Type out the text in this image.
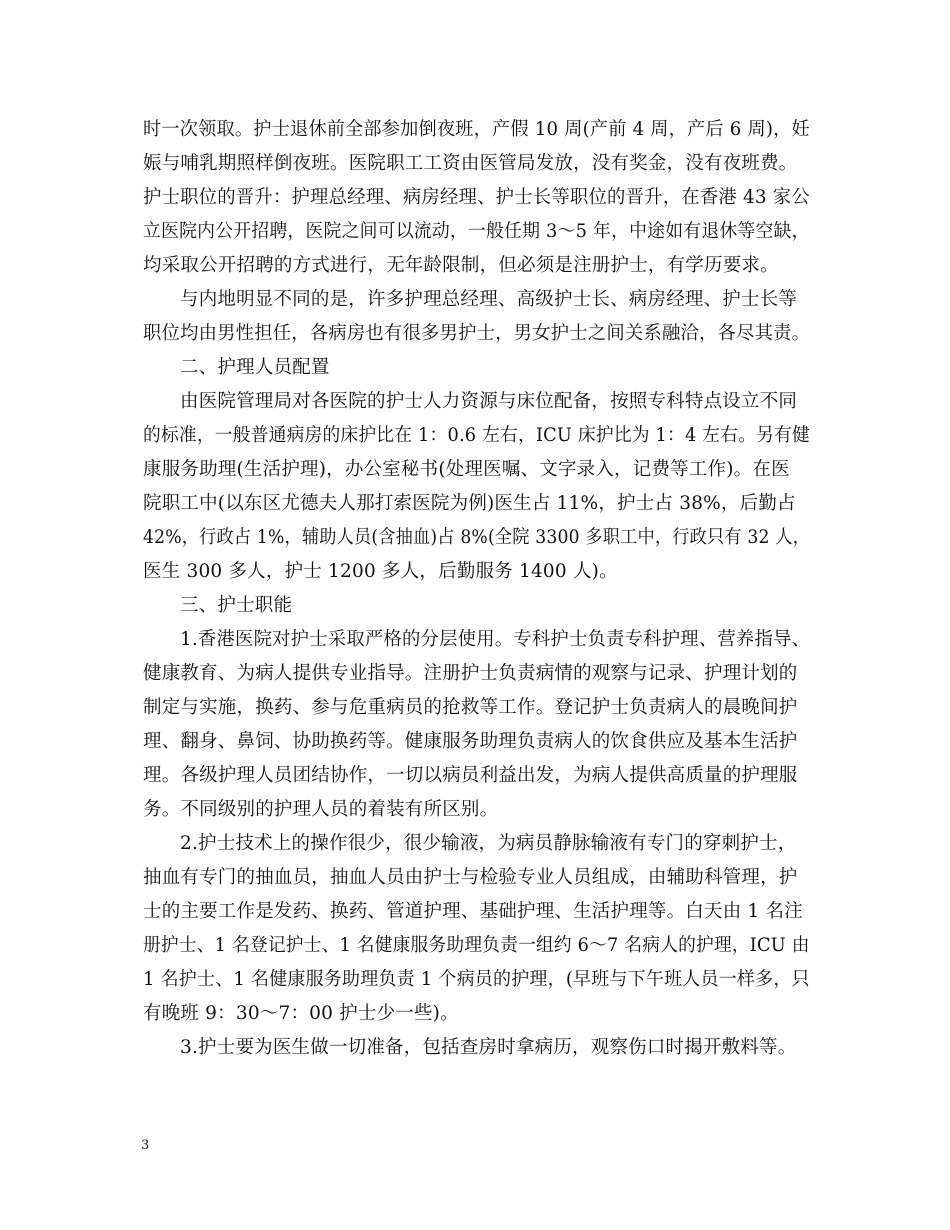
时一次领取。护士退休前全部参加倒夜班，产假 10 周(产前 4 周，产后 6 周)，妊
娠与哺乳期照样倒夜班。医院职工工资由医管局发放，没有奖金，没有夜班费。
护士职位的晋升：护理总经理、病房经理、护士长等职位的晋升，在香港 43 家公
立医院内公开招聘，医院之间可以流动，一般任期 3～5 年，中途如有退休等空缺，
均采取公开招聘的方式进行，无年龄限制，但必须是注册护士，有学历要求。
与内地明显不同的是，许多护理总经理、高级护士长、病房经理、护士长等
职位均由男性担任，各病房也有很多男护士，男女护士之间关系融洽，各尽其责。
二、护理人员配置
由医院管理局对各医院的护士人力资源与床位配备，按照专科特点设立不同
的标准，一般普通病房的床护比在 1：0.6 左右，ICU 床护比为 1：4 左右。另有健
康服务助理(生活护理)，办公室秘书(处理医嘱、文字录入，记费等工作)。在医
院职工中(以东区尤德夫人那打索医院为例)医生占 11%，护士占 38%，后勤占
42%，行政占 1%，辅助人员(含抽血)占 8%(全院 3300 多职工中，行政只有 32 人，
医生 300 多人，护士 1200 多人，后勤服务 1400 人)。
三、护士职能
1.香港医院对护士采取严格的分层使用。专科护士负责专科护理、营养指导、
健康教育、为病人提供专业指导。注册护士负责病情的观察与记录、护理计划的
制定与实施，换药、参与危重病员的抢救等工作。登记护士负责病人的晨晚间护
理、翻身、鼻饲、协助换药等。健康服务助理负责病人的饮食供应及基本生活护
理。各级护理人员团结协作，一切以病员利益出发，为病人提供高质量的护理服
务。不同级别的护理人员的着装有所区别。
2.护士技术上的操作很少，很少输液，为病员静脉输液有专门的穿刺护士，
抽血有专门的抽血员，抽血人员由护士与检验专业人员组成，由辅助科管理，护
士的主要工作是发药、换药、管道护理、基础护理、生活护理等。白天由 1 名注
册护士、1 名登记护士、1 名健康服务助理负责一组约 6～7 名病人的护理，ICU 由
1 名护士、1 名健康服务助理负责 1 个病员的护理，(早班与下午班人员一样多，只
有晚班 9：30～7：00 护士少一些)。
3.护士要为医生做一切准备，包括查房时拿病历，观察伤口时揭开敷料等。
3
